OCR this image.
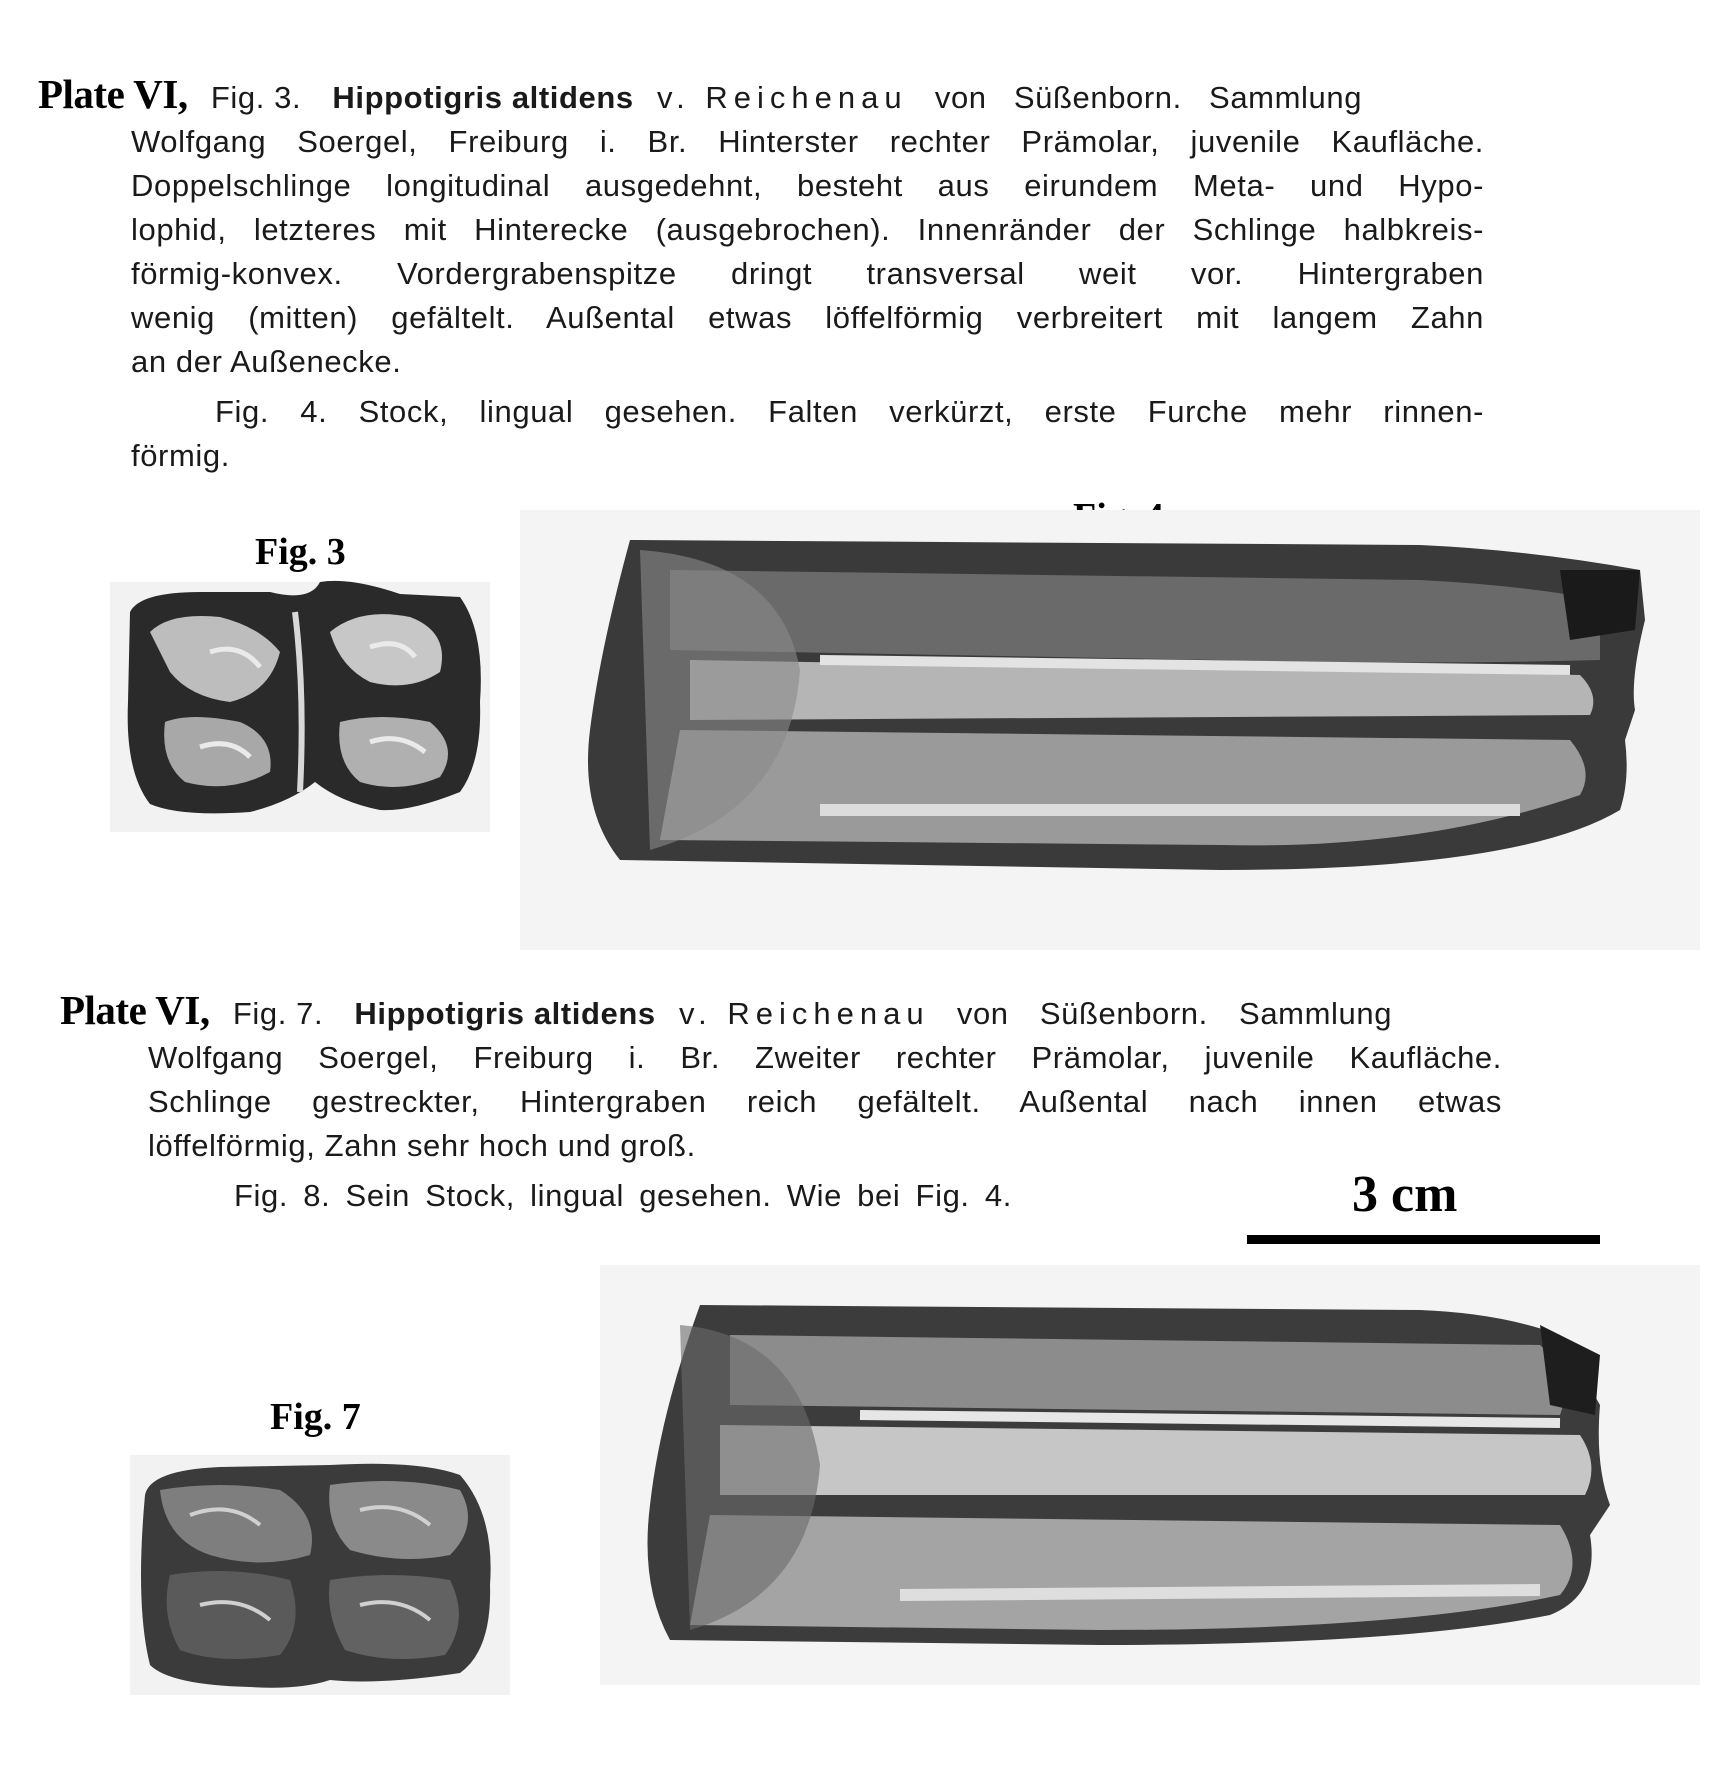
Plate VI, Fig. 3. Hippotigris altidens v. Reichenau von Süßenborn. Sammlung
Wolfgang Soergel, Freiburg i. Br. Hinterster rechter Prämolar, juvenile Kaufläche.
Doppelschlinge longitudinal ausgedehnt, besteht aus eirundem Meta- und Hypo-
lophid, letzteres mit Hinterecke (ausgebrochen). Innenränder der Schlinge halbkreis-
förmig-konvex. Vordergrabenspitze dringt transversal weit vor. Hintergraben
wenig (mitten) gefältelt. Außental etwas löffelförmig verbreitert mit langem Zahn
an der Außenecke.
Fig. 4. Stock, lingual gesehen. Falten verkürzt, erste Furche mehr rinnen-
förmig.
Fig. 3
Plate VI, Fig. 7. Hippotigris altidens v. Reichenau von Süßenborn. Sammlung
Wolfgang Soergel, Freiburg i. Br. Zweiter rechter Prämolar, juvenile Kaufläche.
Schlinge gestreckter, Hintergraben reich gefältelt. Außental nach innen etwas
löffelförmig, Zahn sehr hoch und groß.
Fig. 8. Sein Stock, lingual gesehen. Wie bei Fig. 4.	3 cm
Fig. 7
